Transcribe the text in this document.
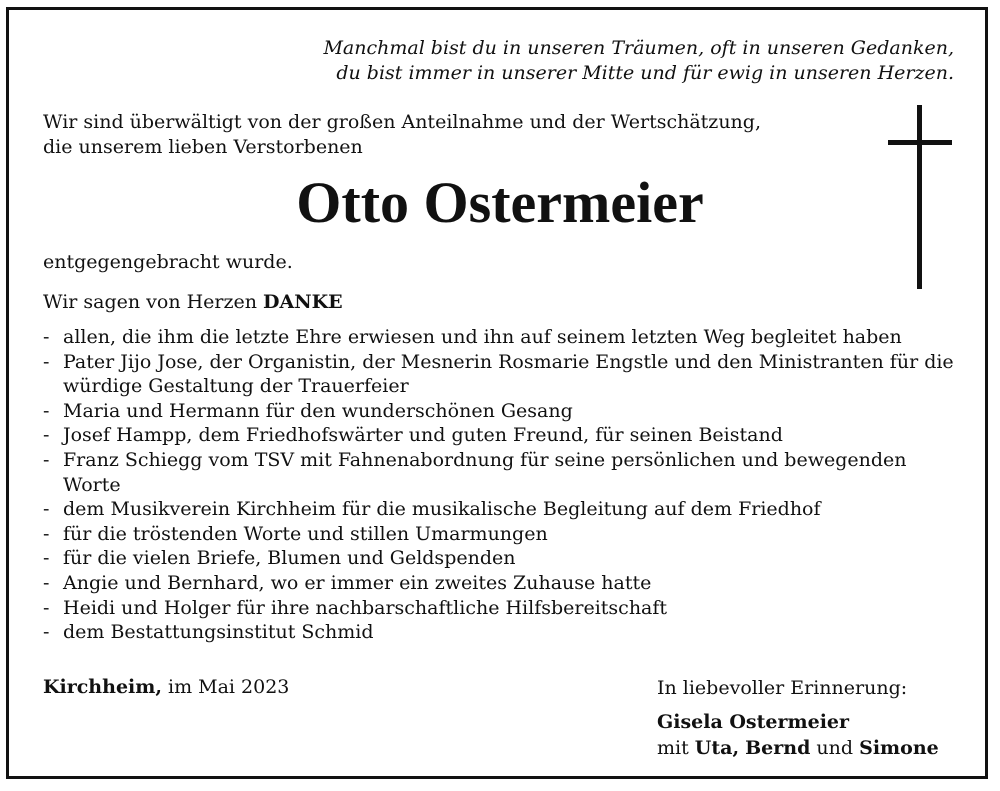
Manchmal bist du in unseren Träumen, oft in unseren Gedanken,
du bist immer in unserer Mitte und für ewig in unseren Herzen.
Wir sind überwältigt von der großen Anteilnahme und der Wertschätzung,
die unserem lieben Verstorbenen
Otto Ostermeier
entgegengebracht wurde.
Wir sagen von Herzen DANKE
- allen, die ihm die letzte Ehre erwiesen und ihn auf seinem letzten Weg begleitet haben
- Pater Jijo Jose, der Organistin, der Mesnerin Rosmarie Engstle und den Ministranten für die würdige Gestaltung der Trauerfeier
- Maria und Hermann für den wunderschönen Gesang
- Josef Hampp, dem Friedhofswärter und guten Freund, für seinen Beistand
- Franz Schiegg vom TSV mit Fahnenabordnung für seine persönlichen und bewegenden Worte
- dem Musikverein Kirchheim für die musikalische Begleitung auf dem Friedhof
- für die tröstenden Worte und stillen Umarmungen
- für die vielen Briefe, Blumen und Geldspenden
- Angie und Bernhard, wo er immer ein zweites Zuhause hatte
- Heidi und Holger für ihre nachbarschaftliche Hilfsbereitschaft
- dem Bestattungsinstitut Schmid
Kirchheim, im Mai 2023	In liebevoller Erinnerung:
Gisela Ostermeier
mit Uta, Bernd und Simone
